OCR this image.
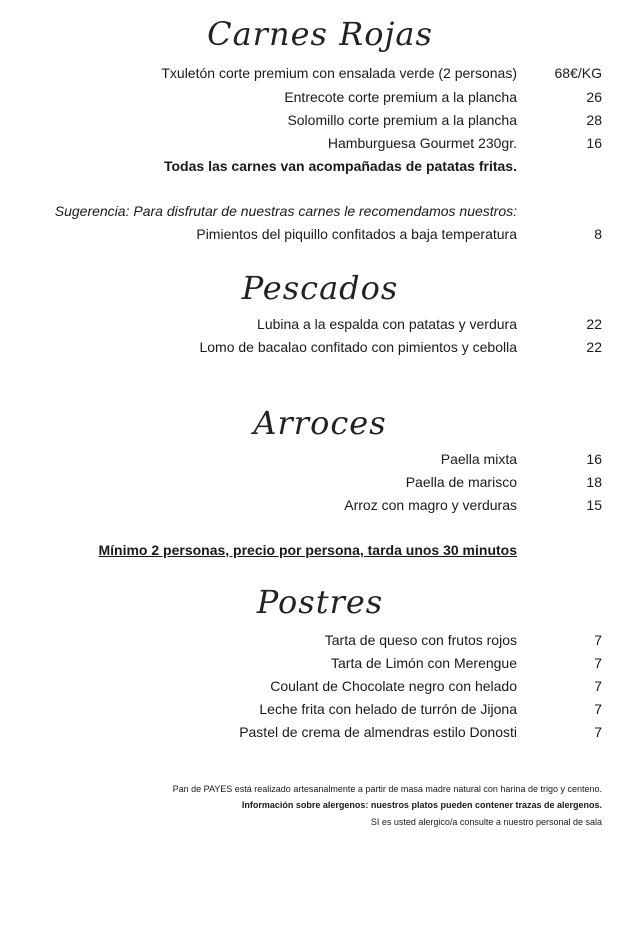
Carnes Rojas
Txuletón corte premium con ensalada verde (2 personas)	68€/KG
Entrecote corte premium a la plancha	26
Solomillo corte premium a la plancha	28
Hamburguesa Gourmet 230gr.	16
Todas las carnes van acompañadas de patatas fritas.
Sugerencia: Para disfrutar de nuestras carnes le recomendamos nuestros:
Pimientos del piquillo confitados a baja temperatura	8
Pescados
Lubina a la espalda con patatas y verdura	22
Lomo de bacalao confitado con pimientos y cebolla	22
Arroces
Paella mixta	16
Paella de marisco	18
Arroz con magro y verduras	15
Mínimo 2 personas, precio por persona, tarda unos 30 minutos
Postres
Tarta de queso con frutos rojos	7
Tarta de Limón con Merengue	7
Coulant de Chocolate negro con helado	7
Leche frita con helado de turrón de Jijona	7
Pastel de crema de almendras estilo Donosti	7
Pan de PAYES está realizado artesanalmente a partir de masa madre natural con harina de trigo y centeno.
Información sobre alergenos: nuestros platos pueden contener trazas de alergenos.
SI es usted alergico/a consulte a nuestro personal de sala
